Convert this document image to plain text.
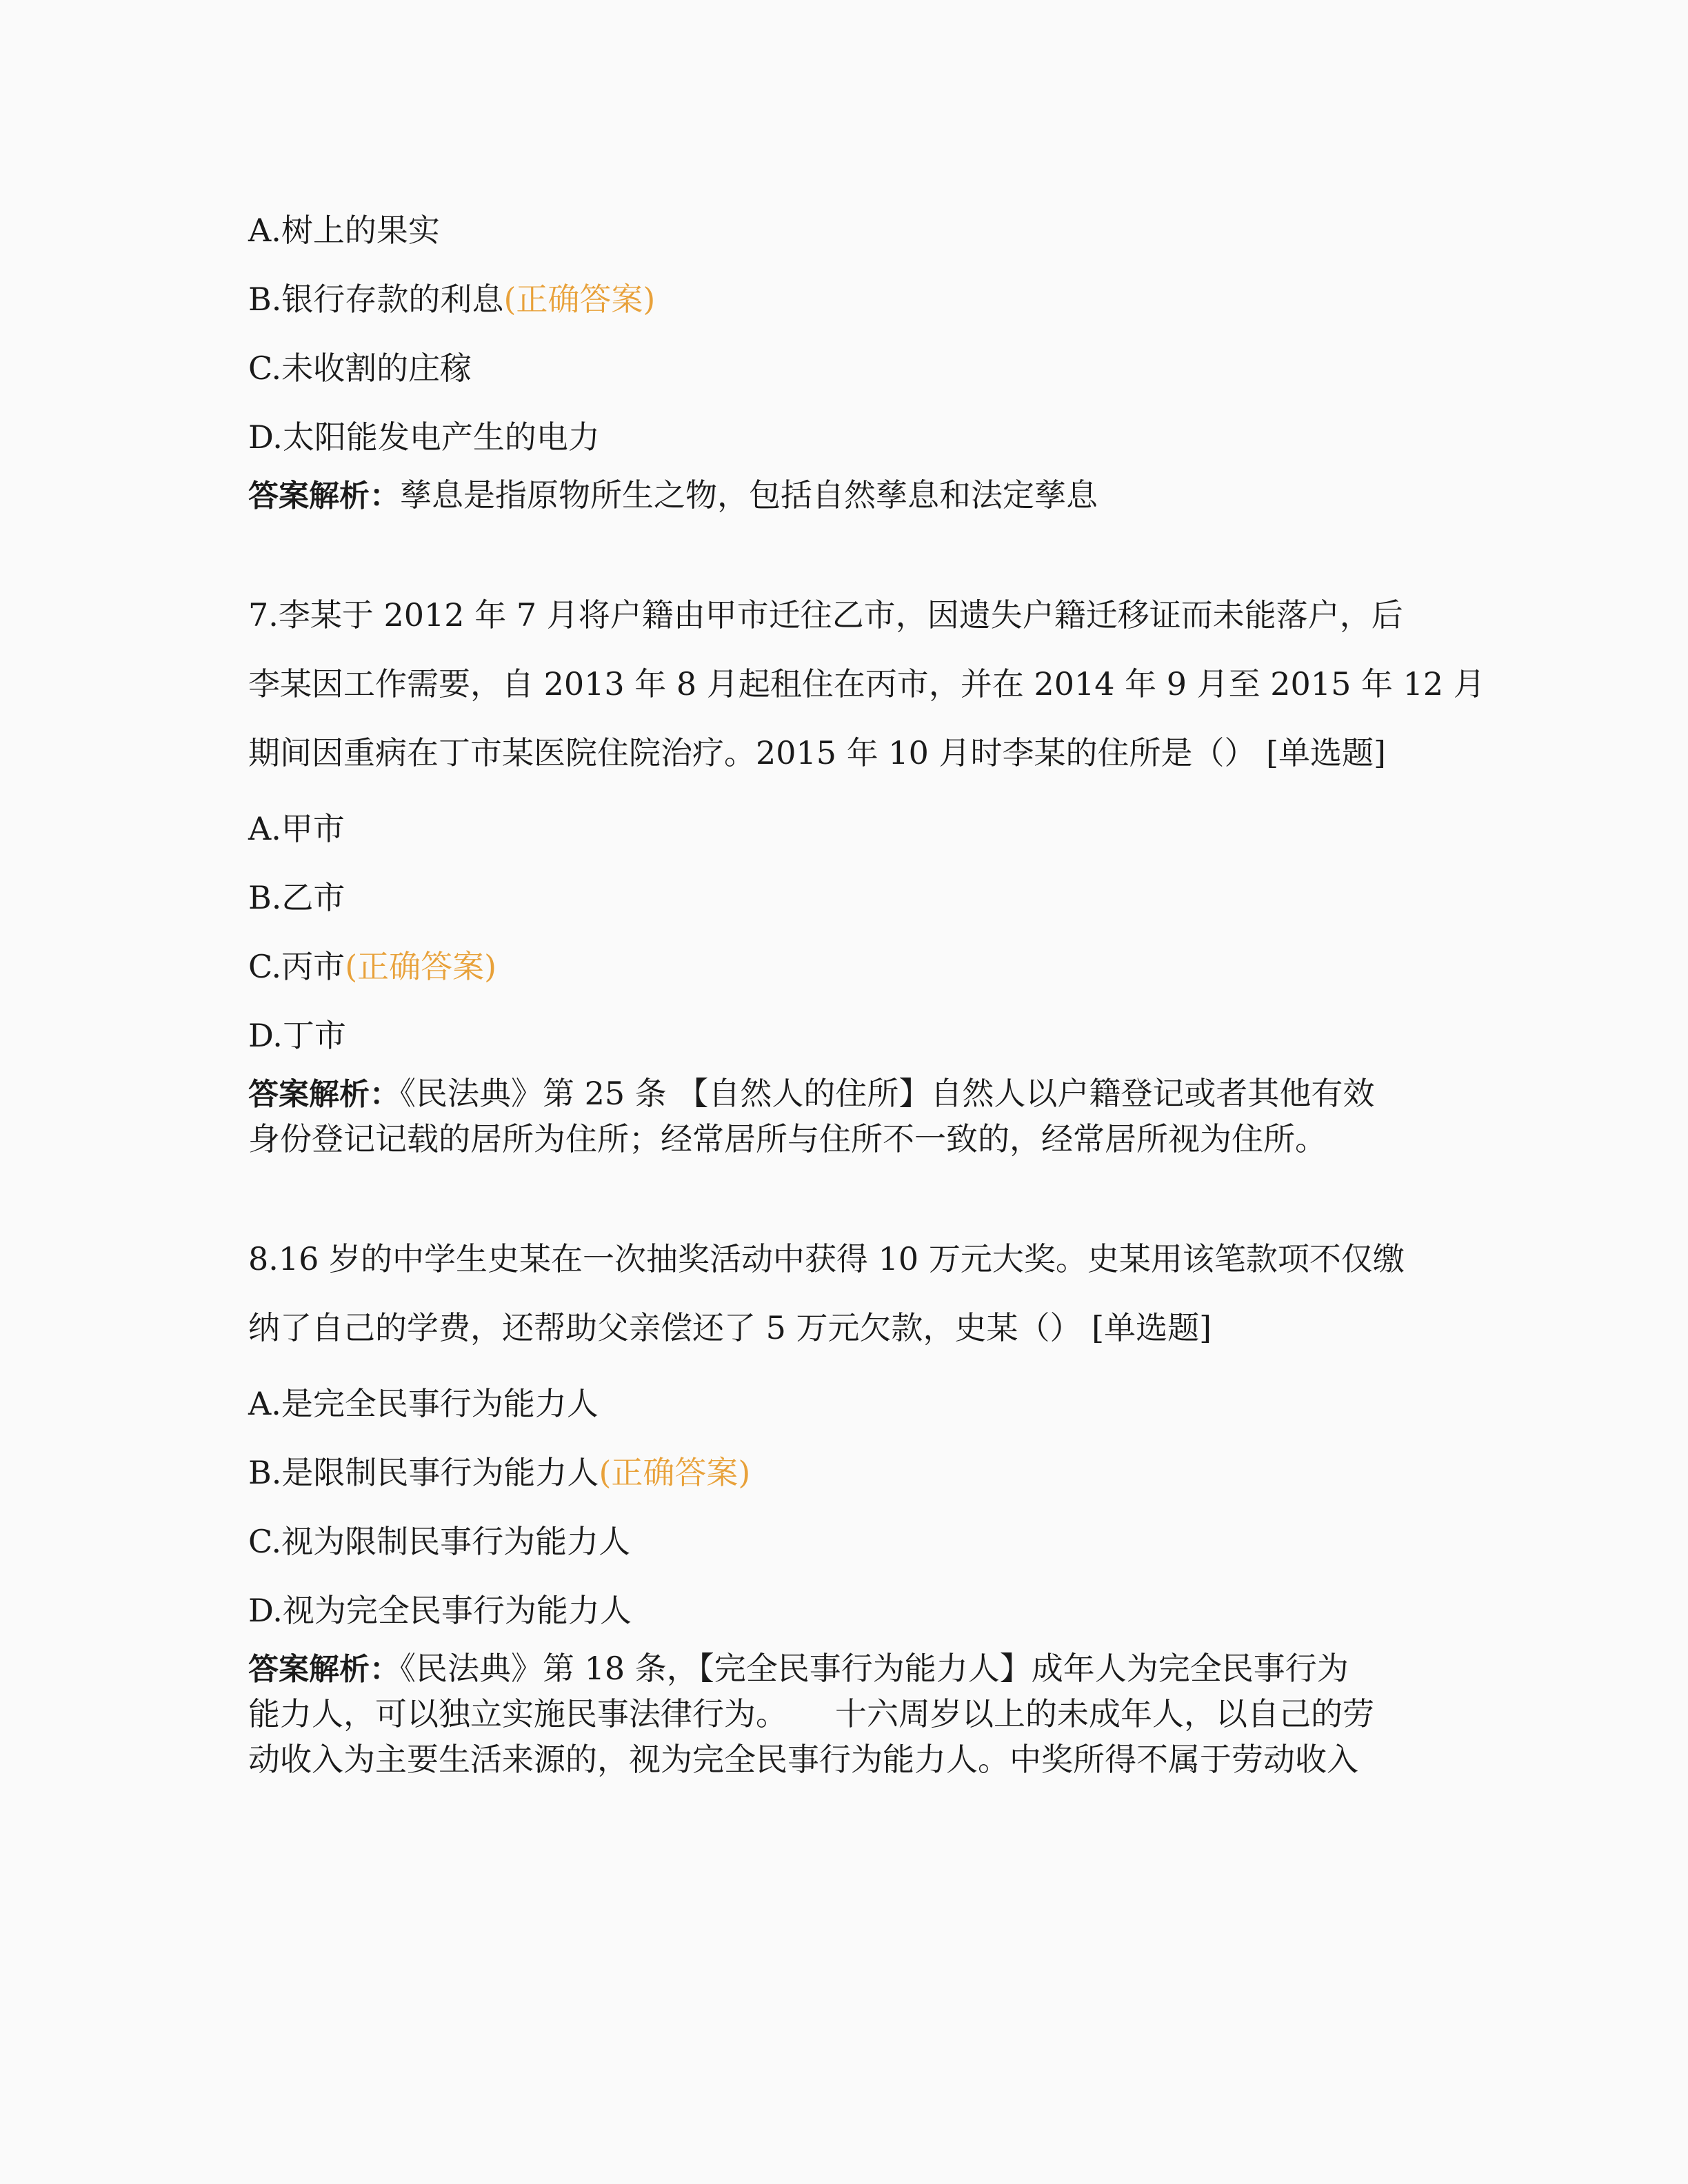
A.树上的果实
B.银行存款的利息(正确答案)
C.未收割的庄稼
D.太阳能发电产生的电力
答案解析：孳息是指原物所生之物，包括自然孳息和法定孳息
7.李某于 2012 年 7 月将户籍由甲市迁往乙市，因遗失户籍迁移证而未能落户，后
李某因工作需要，自 2013 年 8 月起租住在丙市，并在 2014 年 9 月至 2015 年 12 月
期间因重病在丁市某医院住院治疗。2015 年 10 月时李某的住所是（） [单选题]
A.甲市
B.乙市
C.丙市(正确答案)
D.丁市
答案解析：《民法典》第 25 条 【自然人的住所】自然人以户籍登记或者其他有效
身份登记记载的居所为住所；经常居所与住所不一致的，经常居所视为住所。
8.16 岁的中学生史某在一次抽奖活动中获得 10 万元大奖。史某用该笔款项不仅缴
纳了自己的学费，还帮助父亲偿还了 5 万元欠款，史某（） [单选题]
A.是完全民事行为能力人
B.是限制民事行为能力人(正确答案)
C.视为限制民事行为能力人
D.视为完全民事行为能力人
答案解析：《民法典》第 18 条，【完全民事行为能力人】成年人为完全民事行为
能力人，可以独立实施民事法律行为。　　十六周岁以上的未成年人，以自己的劳
动收入为主要生活来源的，视为完全民事行为能力人。中奖所得不属于劳动收入
